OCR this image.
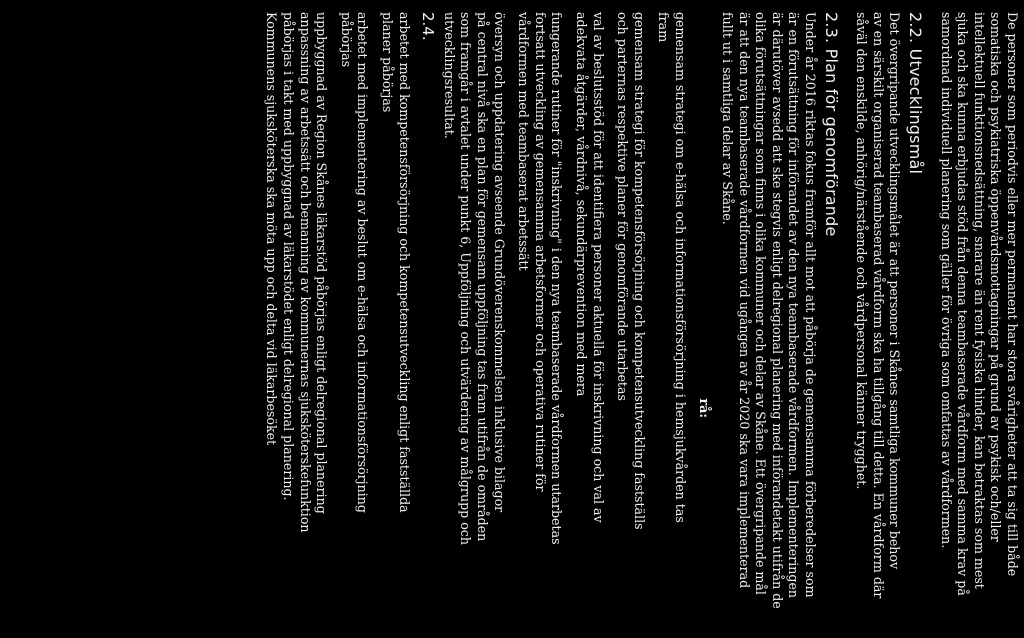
De personer som periodvis eller mer permanent har stora svårigheter att ta sig till både
somatiska och psykiatriska öppenvårdsmottagningar på grund av psykisk och/eller
intellektuell funktionsnedsättning, snarare än rent fysiska hinder, kan betraktas som mest
sjuka och ska kunna erbjudas stöd från denna teambaserade vårdform med samma krav på
samordnad individuell planering som gäller för övriga som omfattas av vårdformen.
2.2. Utvecklingsmål
Det övergripande utvecklingsmålet är att personer i Skånes samtliga kommuner behov
av en särskilt organiserad teambaserad vårdform ska ha tillgång till detta. En vårdform där
såväl den enskilde, anhörig/närstående och vårdpersonal känner trygghet.
2.3. Plan för genomförande
Under år 2016 riktas fokus framför allt mot att påbörja de gemensamma förberedelser som
är en förutsättning för införandet av den nya teambaserade vårdformen. Implementeringen
är därutöver avsedd att ske stegvis enligt delregional planering med införandetakt utifrån de
olika förutsättningar som finns i olika kommuner och delar av Skåne. Ett övergripande mål
är att den nya teambaserade vårdformen vid ugången av år 2020 ska vara implementerad
fullt ut i samtliga delar av Skåne.
rå:
gemensam strategi om e-hälsa och informationsförsörjning i hemsjukvården tas
fram
gemensam strategi för kompetensförsörjning och kompetensutveckling fastställs
och parternas respektive planer för genomförande utarbetas
val av beslutsstöd för att identifiera personer aktuella för inskrivning och val av
adekvata åtgärder, vårdnivå, sekundärprevention med mera
fungerande rutiner för "inskrivning" i den nya teambaserade vårdformen utarbetas
fortsatt utveckling av gemensamma arbetsformer och operativa rutiner för
vårdformen med teambaserat arbetssätt
översyn och uppdatering avseende Grundöverenskommelsen inklusive bilagor
på central nivå ska en plan för gemensam uppföljning tas fram utifrån de områden
som framgår i avtalet under punkt 6, Uppföljning och utvärdering av målgrupp och
utvecklingsresultat.
2.4.
arbetet med kompetensförsörjning och kompetensutveckling enligt fastställda
planer påbörjas
arbetet med implementering av beslut om e-hälsa och informationsförsörjning
påbörjas
uppbyggnad av Region Skånes läkarstöd påbörjas enligt delregional planering
anpassning av arbetssätt och bemanning av kommunernas sjuksköterskefunktion
påbörjas i takt med uppbyggnad av läkarstödet enligt delregional planering.
Kommunens sjuksköterska ska möta upp och delta vid läkarbesöket
